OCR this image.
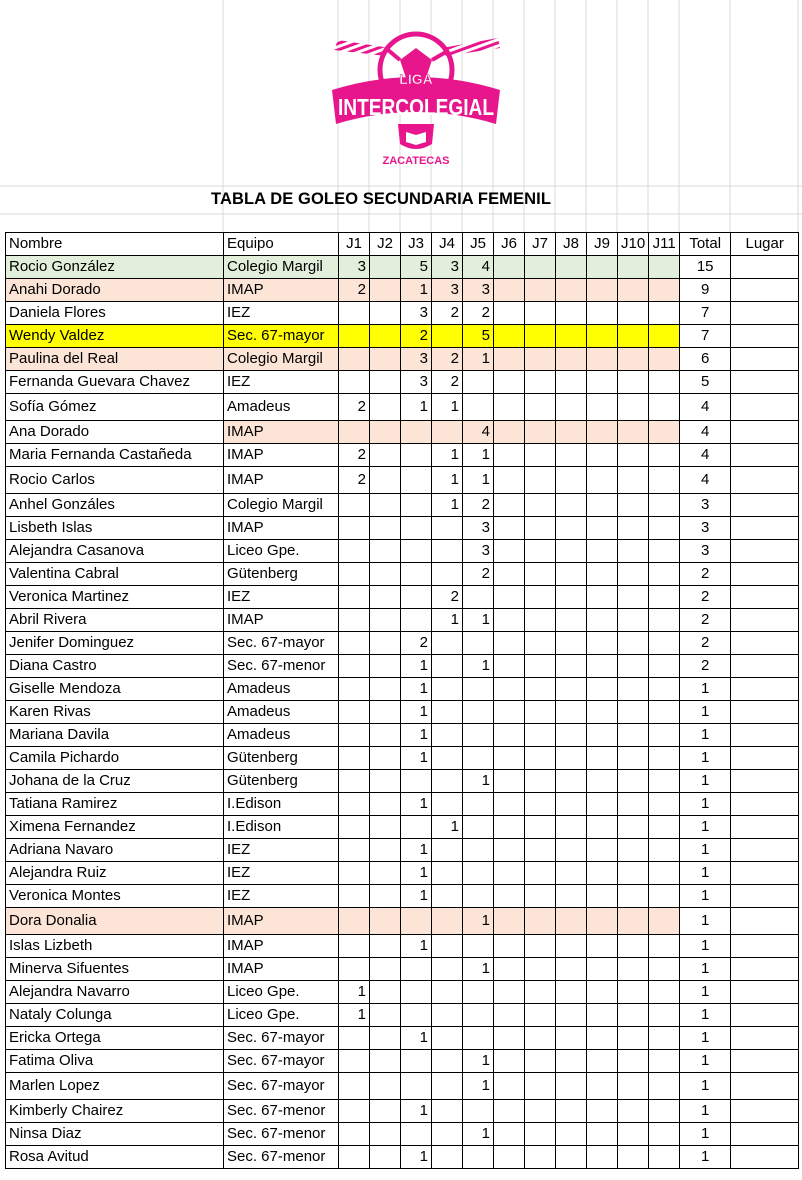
LIGA
INTERCOLEGIAL
ZACATECAS
TABLA DE GOLEO SECUNDARIA FEMENIL
Nombre	Equipo	J1	J2	J3	J4	J5	J6	J7	J8	J9	J10	J11	Total	Lugar
Rocio González	Colegio Margil	3		5	3	4							15	
Anahi Dorado	IMAP	2		1	3	3							9	
Daniela Flores	IEZ			3	2	2							7	
Wendy Valdez	Sec. 67-mayor			2		5							7	
Paulina del Real	Colegio Margil			3	2	1							6	
Fernanda Guevara Chavez	IEZ			3	2								5	
Sofía Gómez	Amadeus	2		1	1								4	
Ana Dorado	IMAP					4							4	
Maria Fernanda Castañeda	IMAP	2			1	1							4	
Rocio Carlos	IMAP	2			1	1							4	
Anhel Gonzáles	Colegio Margil				1	2							3	
Lisbeth Islas	IMAP					3							3	
Alejandra Casanova	Liceo Gpe.					3							3	
Valentina Cabral	Gütenberg					2							2	
Veronica Martinez	IEZ				2								2	
Abril Rivera	IMAP				1	1							2	
Jenifer Dominguez	Sec. 67-mayor			2									2	
Diana Castro	Sec. 67-menor			1		1							2	
Giselle Mendoza	Amadeus			1									1	
Karen Rivas	Amadeus			1									1	
Mariana Davila	Amadeus			1									1	
Camila Pichardo	Gütenberg			1									1	
Johana de la Cruz	Gütenberg					1							1	
Tatiana Ramirez	I.Edison			1									1	
Ximena Fernandez	I.Edison				1								1	
Adriana Navaro	IEZ			1									1	
Alejandra Ruiz	IEZ			1									1	
Veronica Montes	IEZ			1									1	
Dora Donalia	IMAP					1							1	
Islas Lizbeth	IMAP			1									1	
Minerva Sifuentes	IMAP					1							1	
Alejandra Navarro	Liceo Gpe.	1											1	
Nataly Colunga	Liceo Gpe.	1											1	
Ericka Ortega	Sec. 67-mayor			1									1	
Fatima Oliva	Sec. 67-mayor					1							1	
Marlen Lopez	Sec. 67-mayor					1							1	
Kimberly Chairez	Sec. 67-menor			1									1	
Ninsa Diaz	Sec. 67-menor					1							1	
Rosa Avitud	Sec. 67-menor			1									1	
